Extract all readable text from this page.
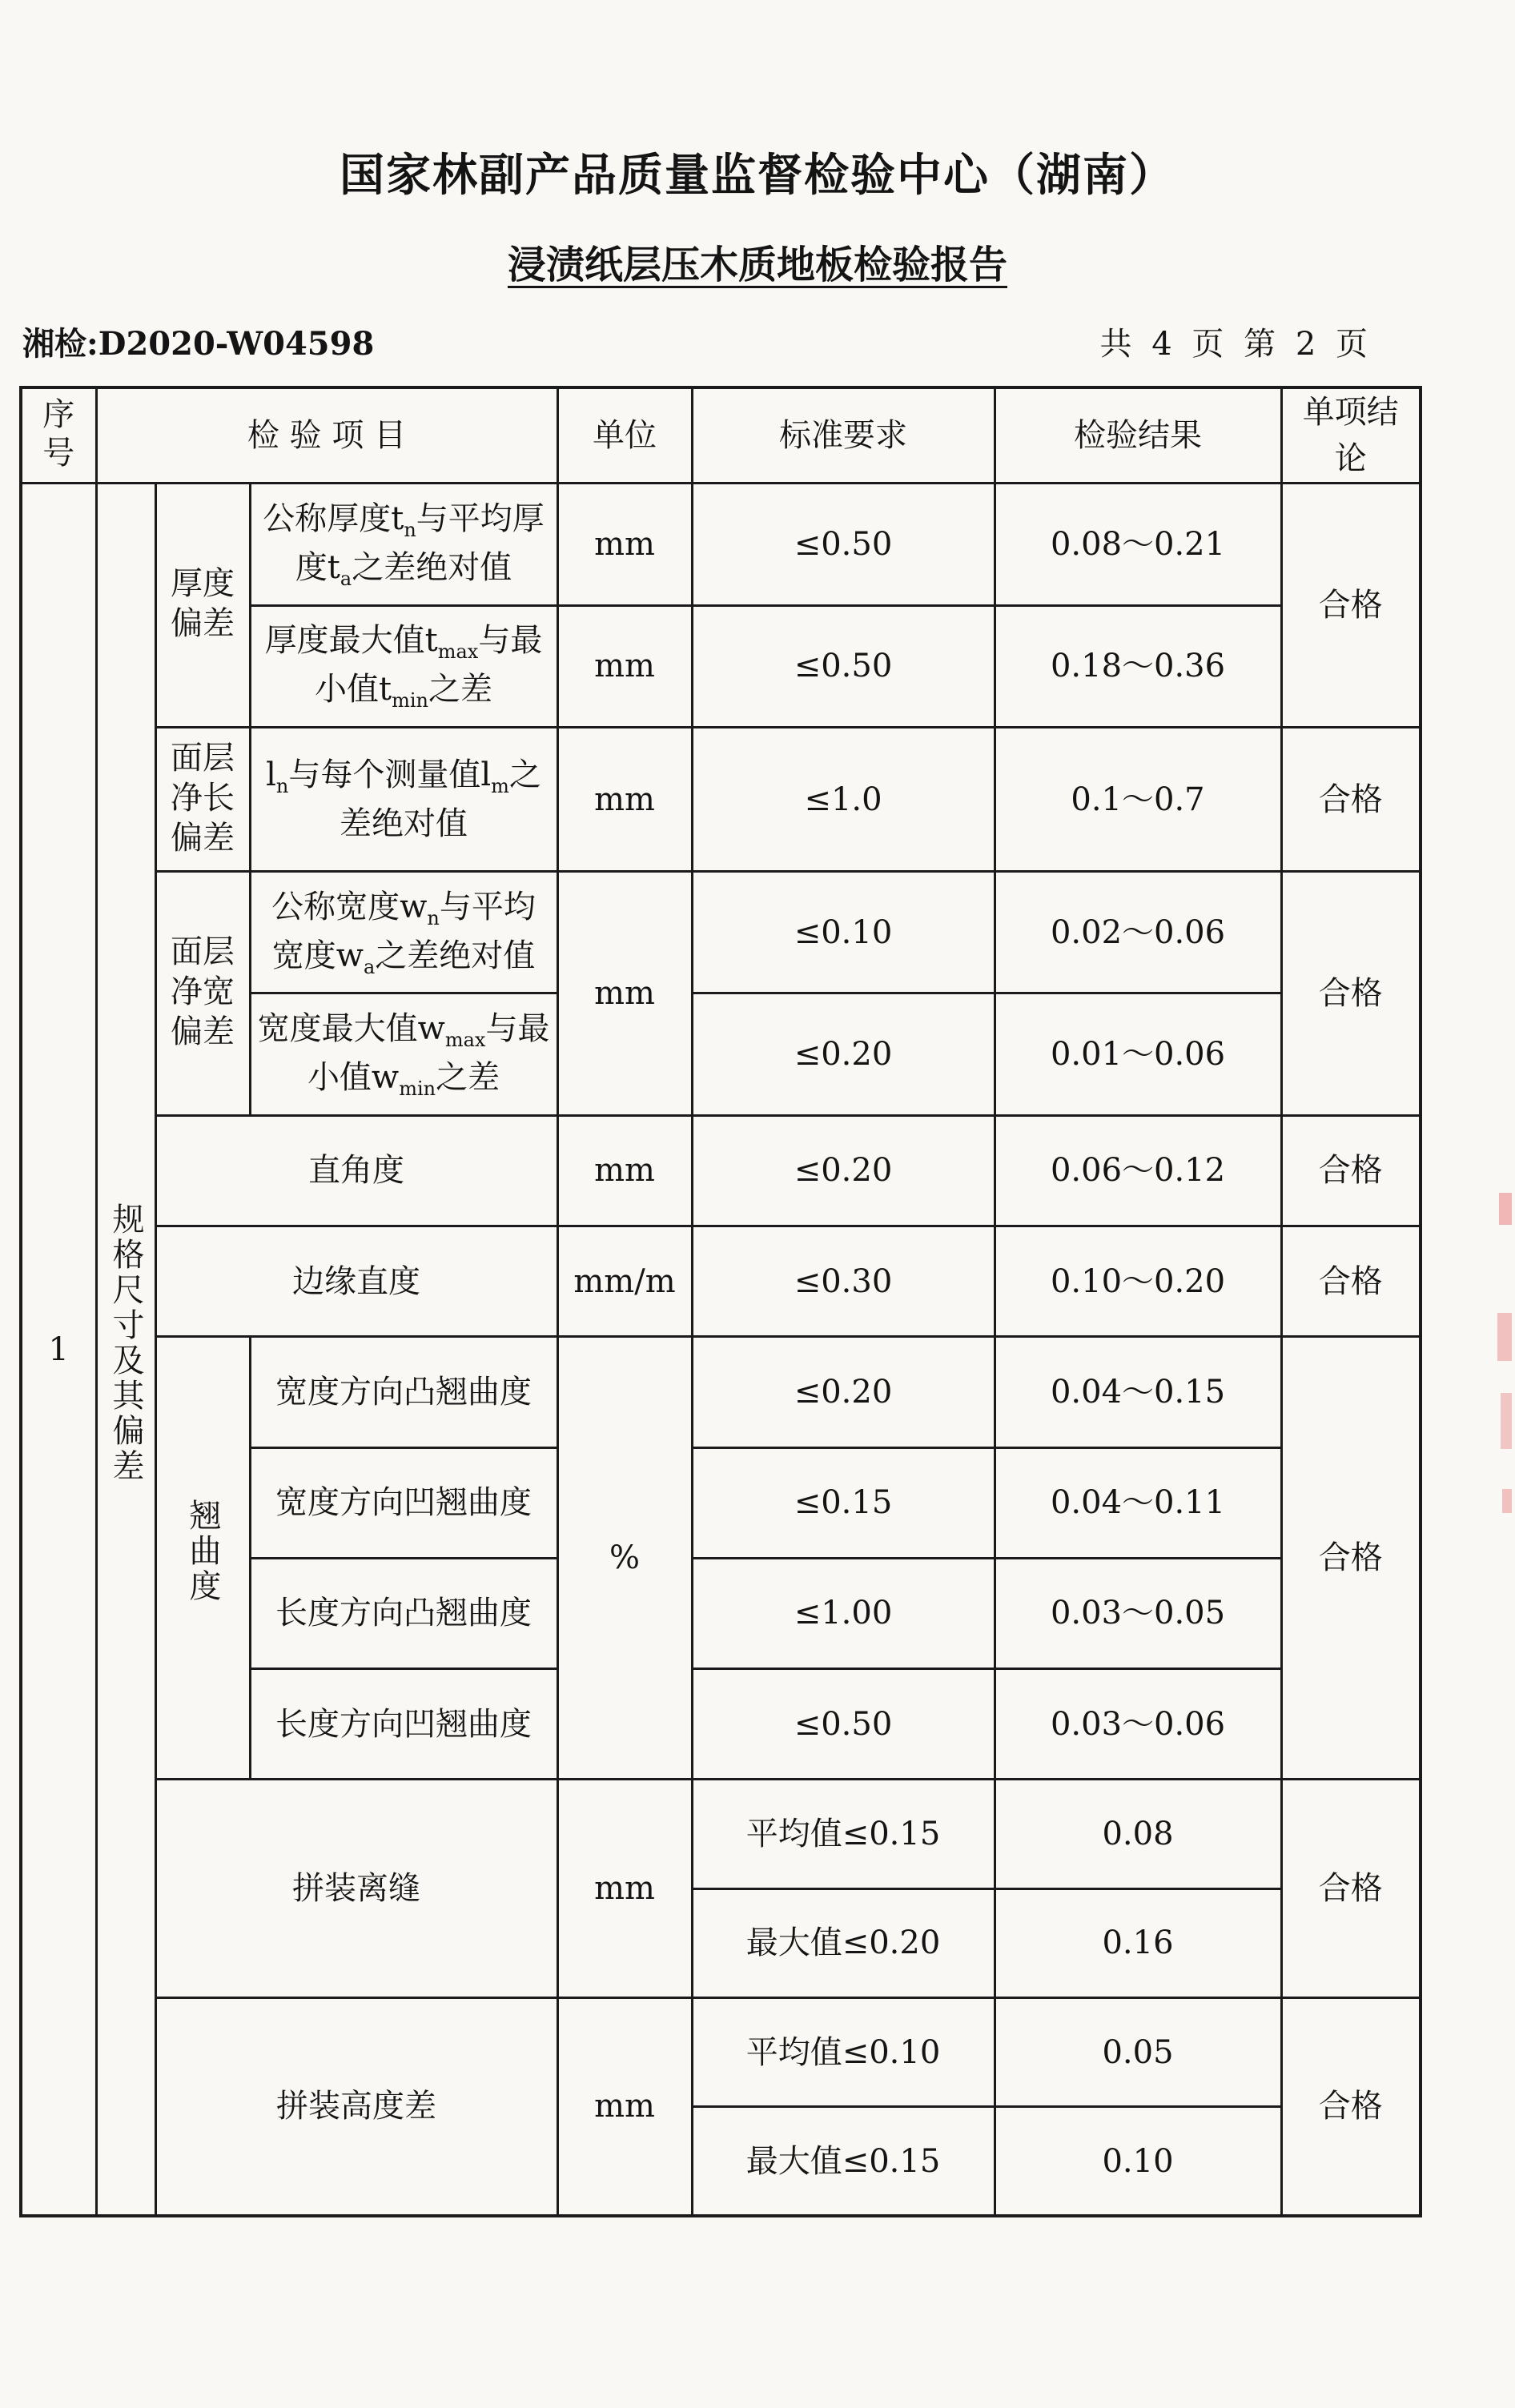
国家林副产品质量监督检验中心（湖南）
浸渍纸层压木质地板检验报告
湘检:D2020-W04598	共 4 页 第 2 页
序号	检 验 项 目			单位	标准要求	检验结果	单项结论
1	规格尺寸及其偏差	厚度偏差	公称厚度$t_n$与平均厚度$t_a$之差绝对值	mm	≤0.50	0.08～0.21	合格
			厚度最大值$t_{max}$与最小值$t_{min}$之差	mm	≤0.50	0.18～0.36	
		面层净长偏差	$l_n$与每个测量值$l_m$之差绝对值	mm	≤1.0	0.1～0.7	合格
		面层净宽偏差	公称宽度$w_n$与平均宽度$w_a$之差绝对值	mm	≤0.10	0.02～0.06	合格
			宽度最大值$w_{max}$与最小值$w_{min}$之差		≤0.20	0.01～0.06	
		直角度		mm	≤0.20	0.06～0.12	合格
		边缘直度		mm/m	≤0.30	0.10～0.20	合格
		翘曲度	宽度方向凸翘曲度	%	≤0.20	0.04～0.15	合格
			宽度方向凹翘曲度		≤0.15	0.04～0.11	
			长度方向凸翘曲度		≤1.00	0.03～0.05	
			长度方向凹翘曲度		≤0.50	0.03～0.06	
		拼装离缝		mm	平均值≤0.15	0.08	合格
					最大值≤0.20	0.16	
		拼装高度差		mm	平均值≤0.10	0.05	合格
					最大值≤0.15	0.10	
